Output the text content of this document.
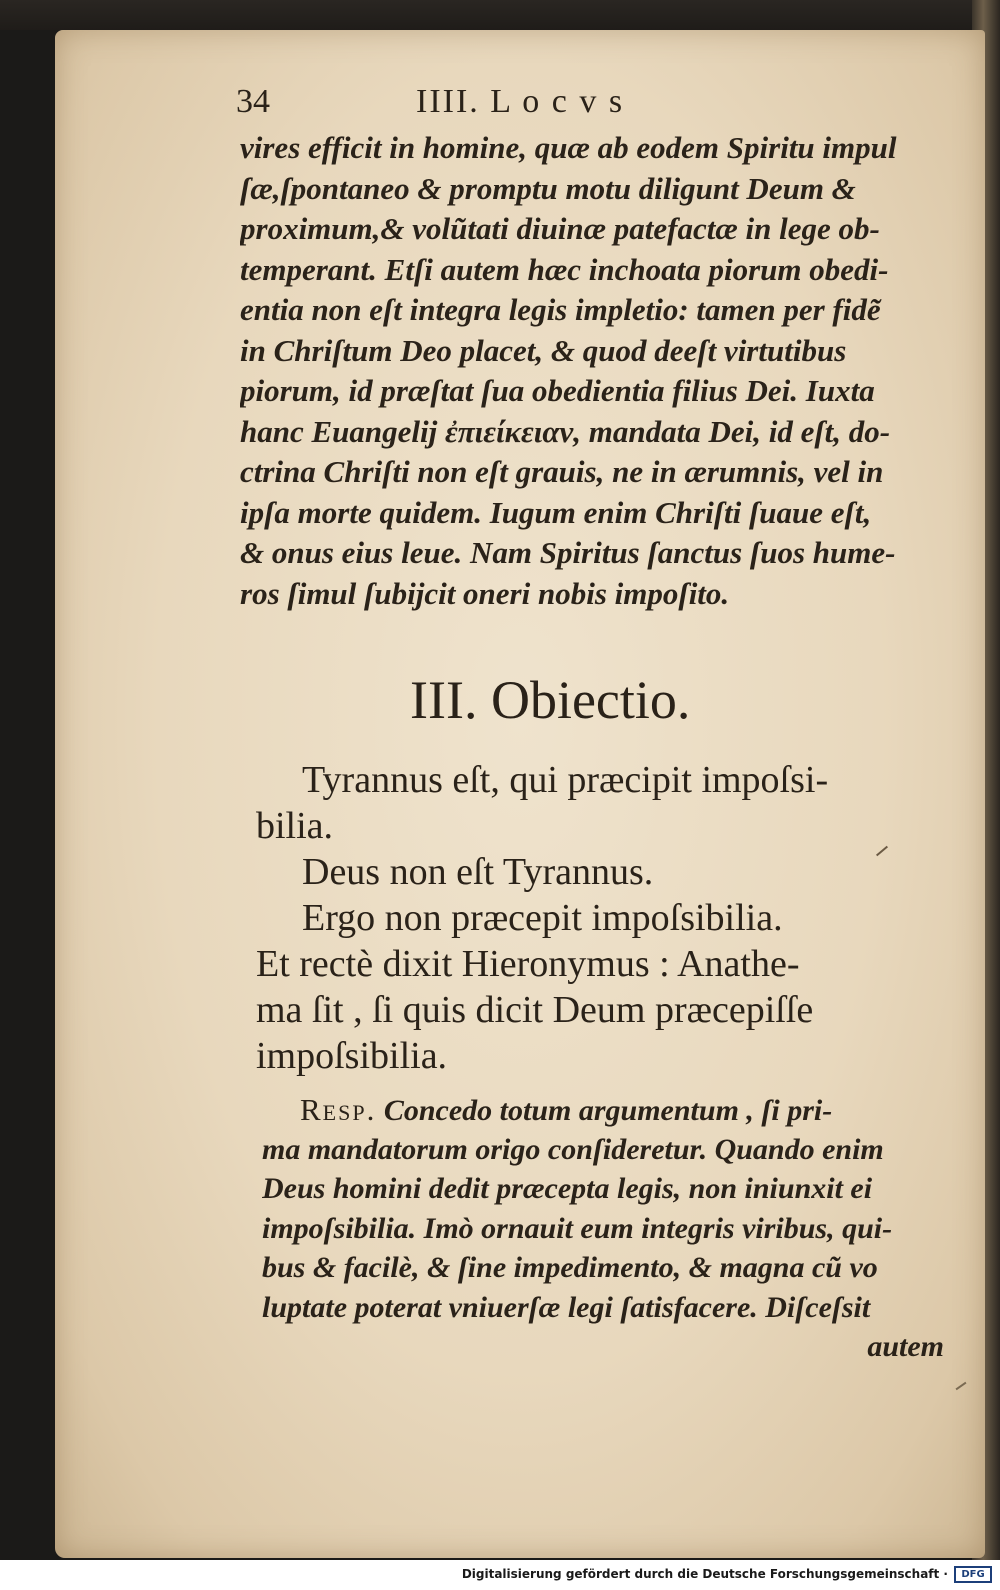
34	IIII. L o c v s
vires efficit in homine, quæ ab eodem Spiritu impul
ſæ,ſpontaneo & promptu motu diligunt Deum &
proximum,& volũtati diuinæ patefactæ in lege ob-
temperant. Etſi autem hæc inchoata piorum obedi-
entia non eſt integra legis impletio: tamen per fidẽ
in Chriſtum Deo placet, & quod deeſt virtutibus
piorum, id præſtat ſua obedientia filius Dei. Iuxta
hanc Euangelij ἐπιείκειαν, mandata Dei, id eſt, do-
ctrina Chriſti non eſt grauis, ne in ærumnis, vel in
ipſa morte quidem. Iugum enim Chriſti ſuaue eſt,
& onus eius leue. Nam Spiritus ſanctus ſuos hume-
ros ſimul ſubijcit oneri nobis impoſito.
III. Obiectio.
Tyrannus eſt, qui præcipit impoſsi-
bilia.
Deus non eſt Tyrannus.
Ergo non præcepit impoſsibilia.
Et rectè dixit Hieronymus : Anathe-
ma ſit , ſi quis dicit Deum præcepiſſe
impoſsibilia.
Resp. Concedo totum argumentum , ſi pri-
ma mandatorum origo conſideretur. Quando enim
Deus homini dedit præcepta legis, non iniunxit ei
impoſsibilia. Imò ornauit eum integris viribus, qui-
bus & facilè, & ſine impedimento, & magna cũ vo
luptate poterat vniuerſæ legi ſatisfacere. Diſceſsit
autem
Digitalisierung gefördert durch die Deutsche Forschungsgemeinschaft ·	DFG
